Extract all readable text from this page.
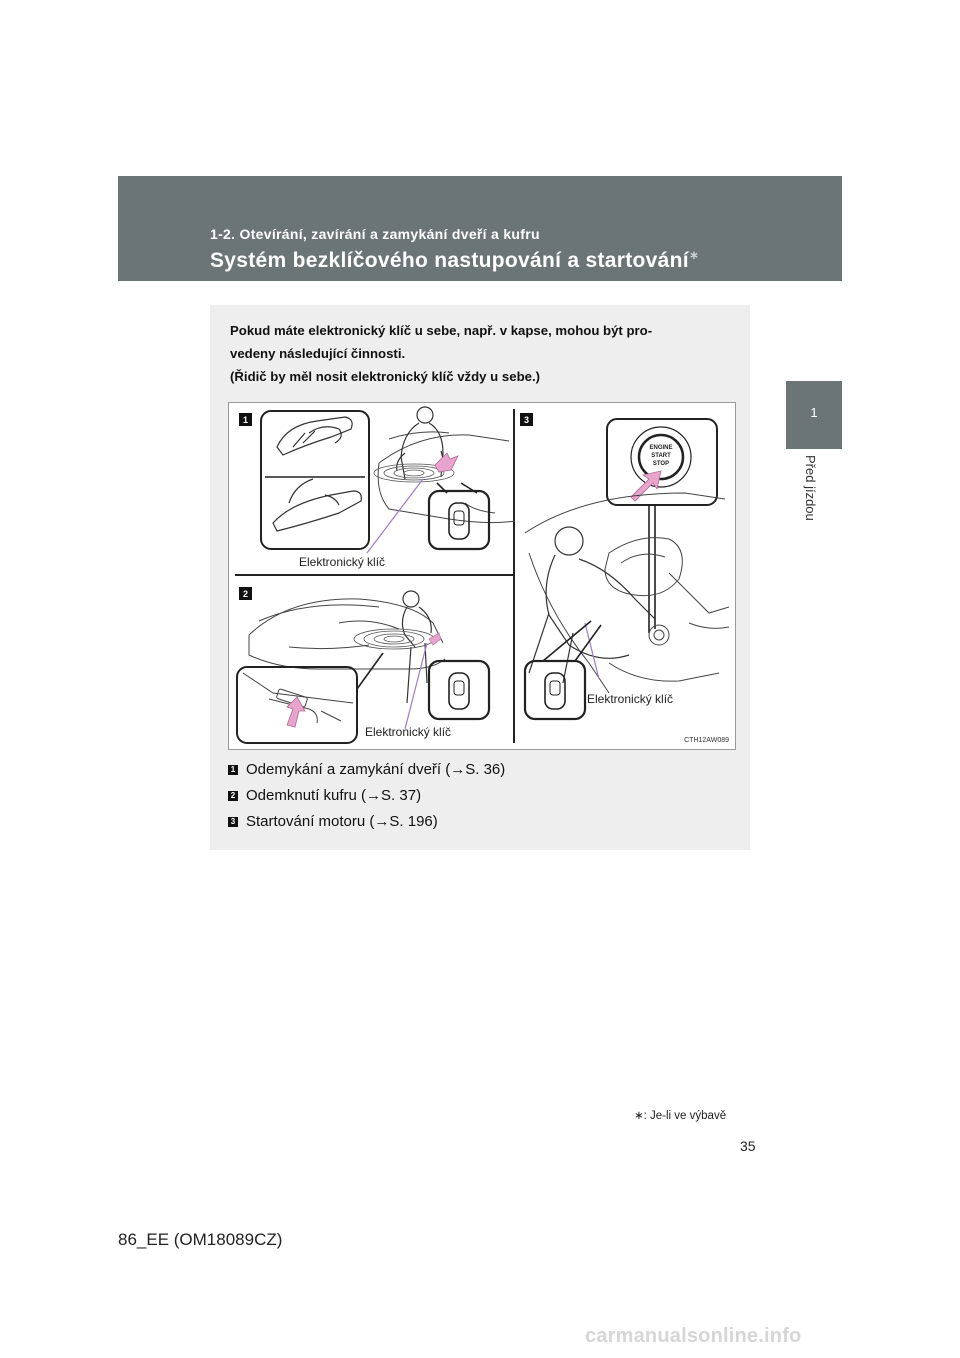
1-2. Otevírání, zavírání a zamykání dveří a kufru
Systém bezklíčového nastupování a startování∗
1
Před jízdou

Pokud máte elektronický klíč u sebe, např. v kapse, mohou být pro-

vedeny následující činnosti.

(Řidič by měl nosit elektronický klíč vždy u sebe.)

1
2
3
Elektronický klíč
Elektronický klíč
ENGINE
START
STOP
Elektronický klíč
CTH12AW089
1 Odemykání a zamykání dveří (→S. 36)
2 Odemknutí kufru (→S. 37)
3 Startování motoru (→S. 196)
∗: Je-li ve výbavě
35
86_EE (OM18089CZ)
carmanualsonline.info
